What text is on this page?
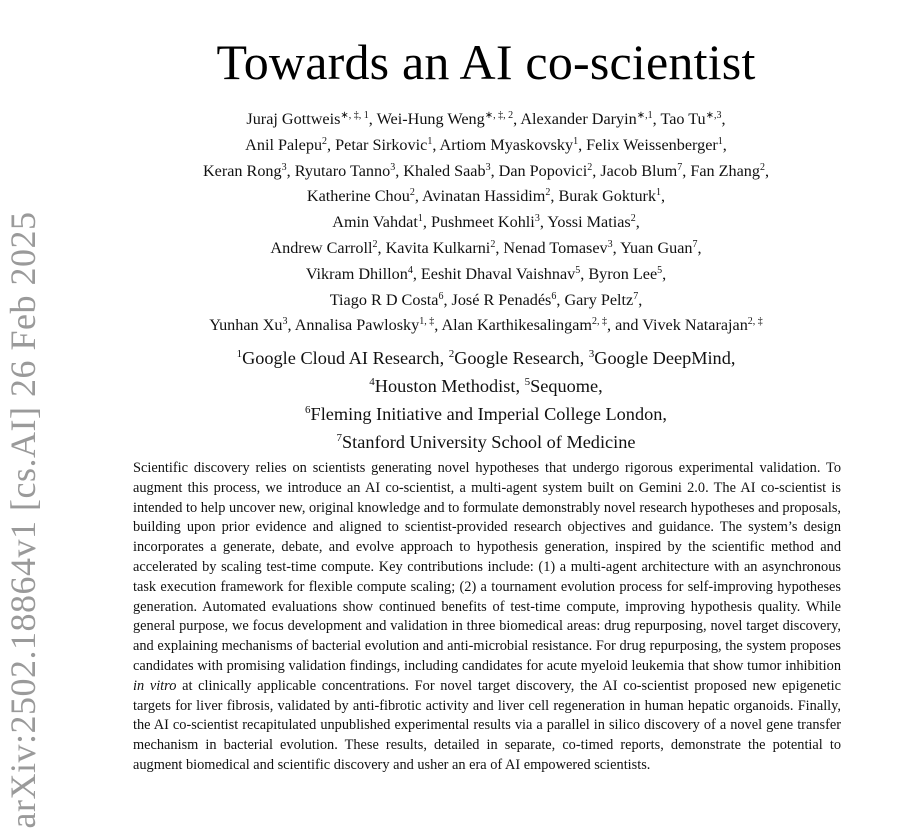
arXiv:2502.18864v1 [cs.AI] 26 Feb 2025
Towards an AI co-scientist
Juraj Gottweis$^{∗, \ddagger, 1}$, Wei-Hung Weng$^{∗, \ddagger, 2}$, Alexander Daryin$^{∗,1}$, Tao $Tu^{∗,3}$,
Anil Palepu$^2$, Petar Sirkovic$^1$, Artiom Myaskovsky$^1$, Felix Weissenberger$^1$,
Keran Rong$^3$, Ryutaro Tanno$^3$, Khaled Saab$^3$, Dan Popovici$^2$, Jacob Blum$^7$, Fan Zhang$^2$,
Katherine Chou$^2$, Avinatan Hassidim$^2$, Burak Gokturk$^1$,
Amin Vahdat$^1$, Pushmeet Kohli$^3$, Yossi Matias$^2$,
Andrew Carroll$^2$, Kavita Kulkarni$^2$, Nenad Tomasev$^3$, Yuan Guan$^7$,
Vikram Dhillon$^4$, Eeshit Dhaval Vaishnav$^5$, Byron Lee$^5$,
Tiago R D Costa$^6$, José R Penadés$^6$, Gary Peltz$^7$,
Yunhan Xu$^3$, Annalisa Pawlosky$^{1, \ddagger}$, Alan Karthikesalingam$^{2, \ddagger}$, and Vivek Natarajan$^{2, \ddagger}$
$^1$Google Cloud AI Research, $^2$Google Research, $^3$Google DeepMind,
$^4$Houston Methodist, $^5$Sequome,
$^6$Fleming Initiative and Imperial College London,
$^7$Stanford University School of Medicine
Scientific discovery relies on scientists generating novel hypotheses that undergo rigorous experimental validation. To augment this process, we introduce an AI co-scientist, a multi-agent system built on Gemini 2.0. The AI co-scientist is intended to help uncover new, original knowledge and to formulate demonstrably novel research hypotheses and proposals, building upon prior evidence and aligned to scientist-provided research objectives and guidance. The system’s design incorporates a generate, debate, and evolve approach to hypothesis generation, inspired by the scientific method and accelerated by scaling test-time compute. Key contributions include: (1) a multi-agent architecture with an asynchronous task execution framework for flexible compute scaling; (2) a tournament evolution process for self-improving hypotheses generation. Automated evaluations show continued benefits of test-time compute, improving hypothesis quality. While general purpose, we focus development and validation in three biomedical areas: drug repurposing, novel target discovery, and explaining mechanisms of bacterial evolution and anti-microbial resistance. For drug repurposing, the system proposes candidates with promising validation findings, including candidates for acute myeloid leukemia that show tumor inhibition in vitro at clinically applicable concentrations. For novel target discovery, the AI co-scientist proposed new epigenetic targets for liver fibrosis, validated by anti-fibrotic activity and liver cell regeneration in human hepatic organoids. Finally, the AI co-scientist recapitulated unpublished experimental results via a parallel in silico discovery of a novel gene transfer mechanism in bacterial evolution. These results, detailed in separate, co-timed reports, demonstrate the potential to augment biomedical and scientific discovery and usher an era of AI empowered scientists.
